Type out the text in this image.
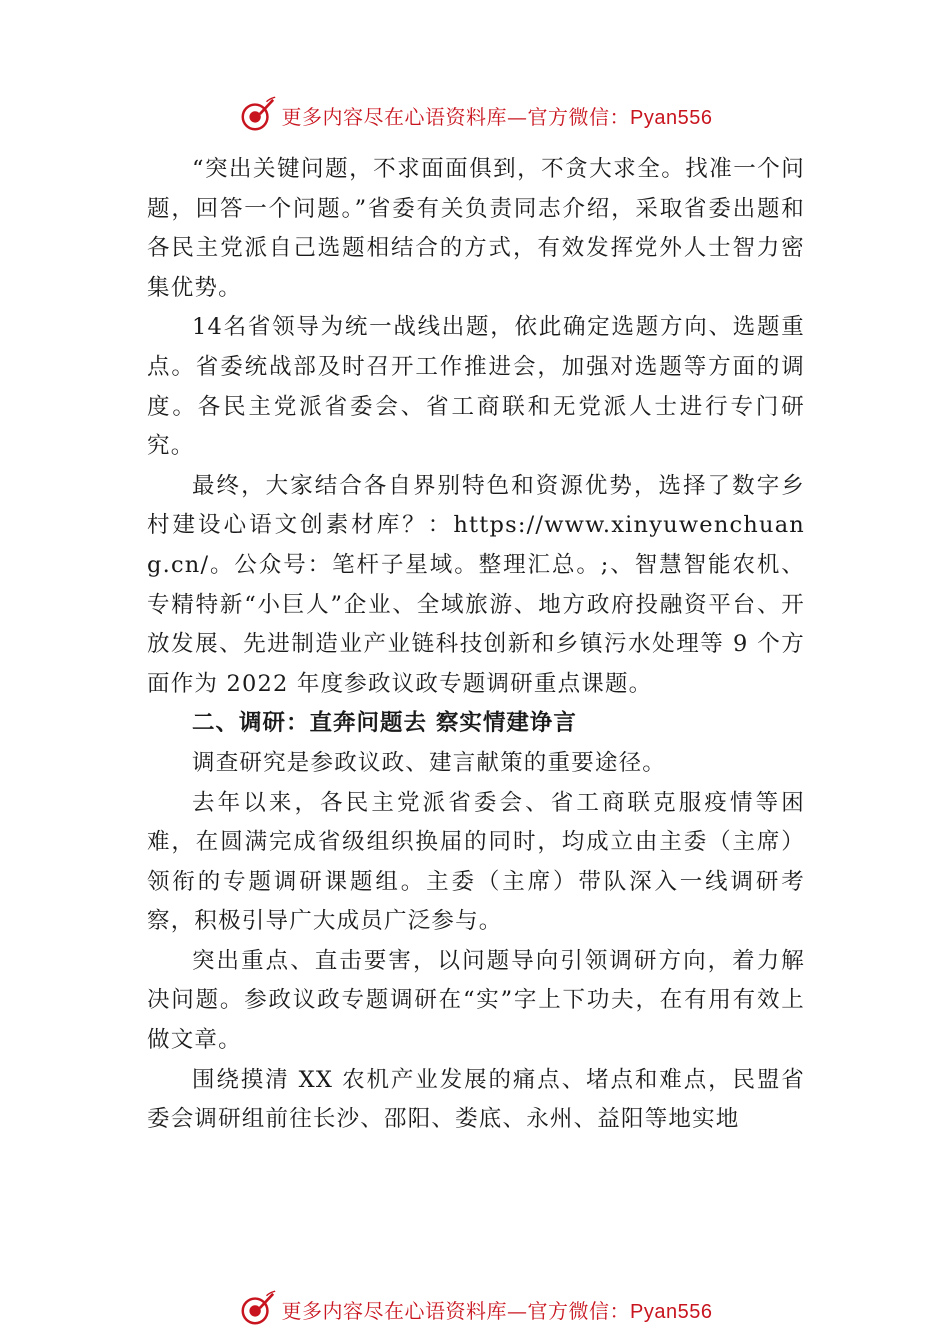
更多内容尽在心语资料库—官方微信：Pyan556

“突出关键问题，不求面面俱到，不贪大求全。找准一个问题，回答一个问题。”省委有关负责同志介绍，采取省委出题和各民主党派自己选题相结合的方式，有效发挥党外人士智力密集优势。

14名省领导为统一战线出题，依此确定选题方向、选题重点。省委统战部及时召开工作推进会，加强对选题等方面的调度。各民主党派省委会、省工商联和无党派人士进行专门研究。

最终，大家结合各自界别特色和资源优势，选择了数字乡村建设心语文创素材库？：https://www.xinyuwenchuang.cn/。公众号：笔杆子星域。整理汇总。;、智慧智能农机、专精特新“小巨人”企业、全域旅游、地方政府投融资平台、开放发展、先进制造业产业链科技创新和乡镇污水处理等 9 个方面作为 2022 年度参政议政专题调研重点课题。

二、调研：直奔问题去 察实情建诤言

调查研究是参政议政、建言献策的重要途径。

去年以来，各民主党派省委会、省工商联克服疫情等困难，在圆满完成省级组织换届的同时，均成立由主委（主席）领衔的专题调研课题组。主委（主席）带队深入一线调研考察，积极引导广大成员广泛参与。

突出重点、直击要害，以问题导向引领调研方向，着力解决问题。参政议政专题调研在“实”字上下功夫，在有用有效上做文章。

围绕摸清 XX 农机产业发展的痛点、堵点和难点，民盟省委会调研组前往长沙、邵阳、娄底、永州、益阳等地实地

更多内容尽在心语资料库—官方微信：Pyan556
